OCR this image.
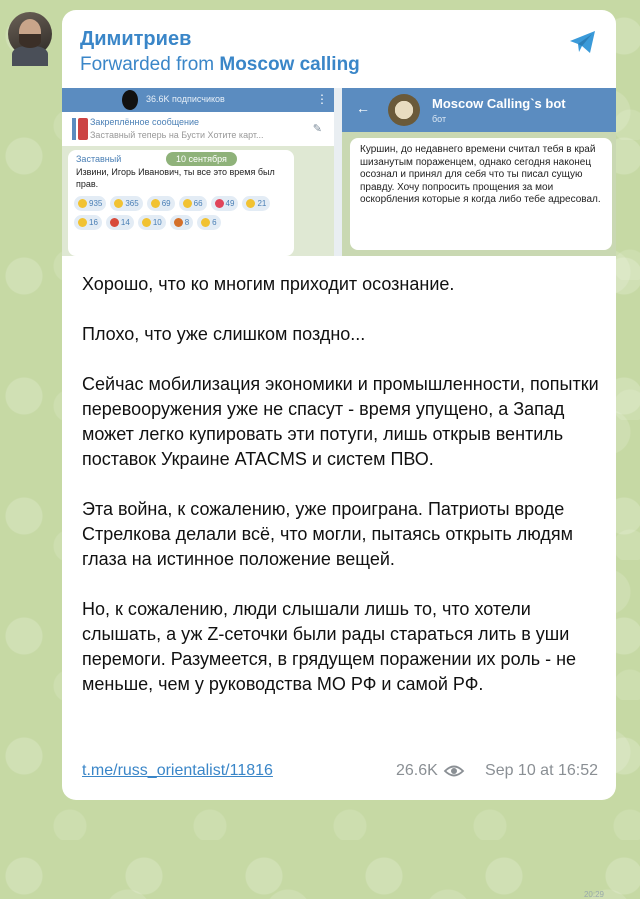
Димитриев
Forwarded from Moscow calling
36.6K подписчиков	⋮
Закреплённое сообщение
Заставный теперь на Бусти Хотите карт...	✎
Заставный
Извини, Игорь Иванович, ты все это время был прав.
935	365	69	66	49	21
16	14	10	8	6
10 сентября
←	Moscow Calling`s bot
бот
Куршин, до недавнего времени считал тебя в край шизанутым пораженцем, однако сегодня наконец осознал и принял для себя что ты писал сущую правду. Хочу попросить прощения за мои оскорбления которые я когда либо тебе адресовал.
20:29

Хорошо, что ко многим приходит осознание.

Плохо, что уже слишком поздно...

Сейчас мобилизация экономики и промышленности, попытки перевооружения уже не спасут - время упущено, а Запад может легко купировать эти потуги, лишь открыв вентиль поставок Украине ATACMS и систем ПВО.

Эта война, к сожалению, уже проиграна. Патриоты вроде Стрелкова делали всё, что могли, пытаясь открыть людям глаза на истинное положение вещей.

Но, к сожалению, люди слышали лишь то, что хотели слышать, а уж Z-сеточки были рады стараться лить в уши перемоги. Разумеется, в грядущем поражении их роль - не меньше, чем у руководства МО РФ и самой РФ.

t.me/russ_orientalist/11816	26.6K	Sep 10 at 16:52
